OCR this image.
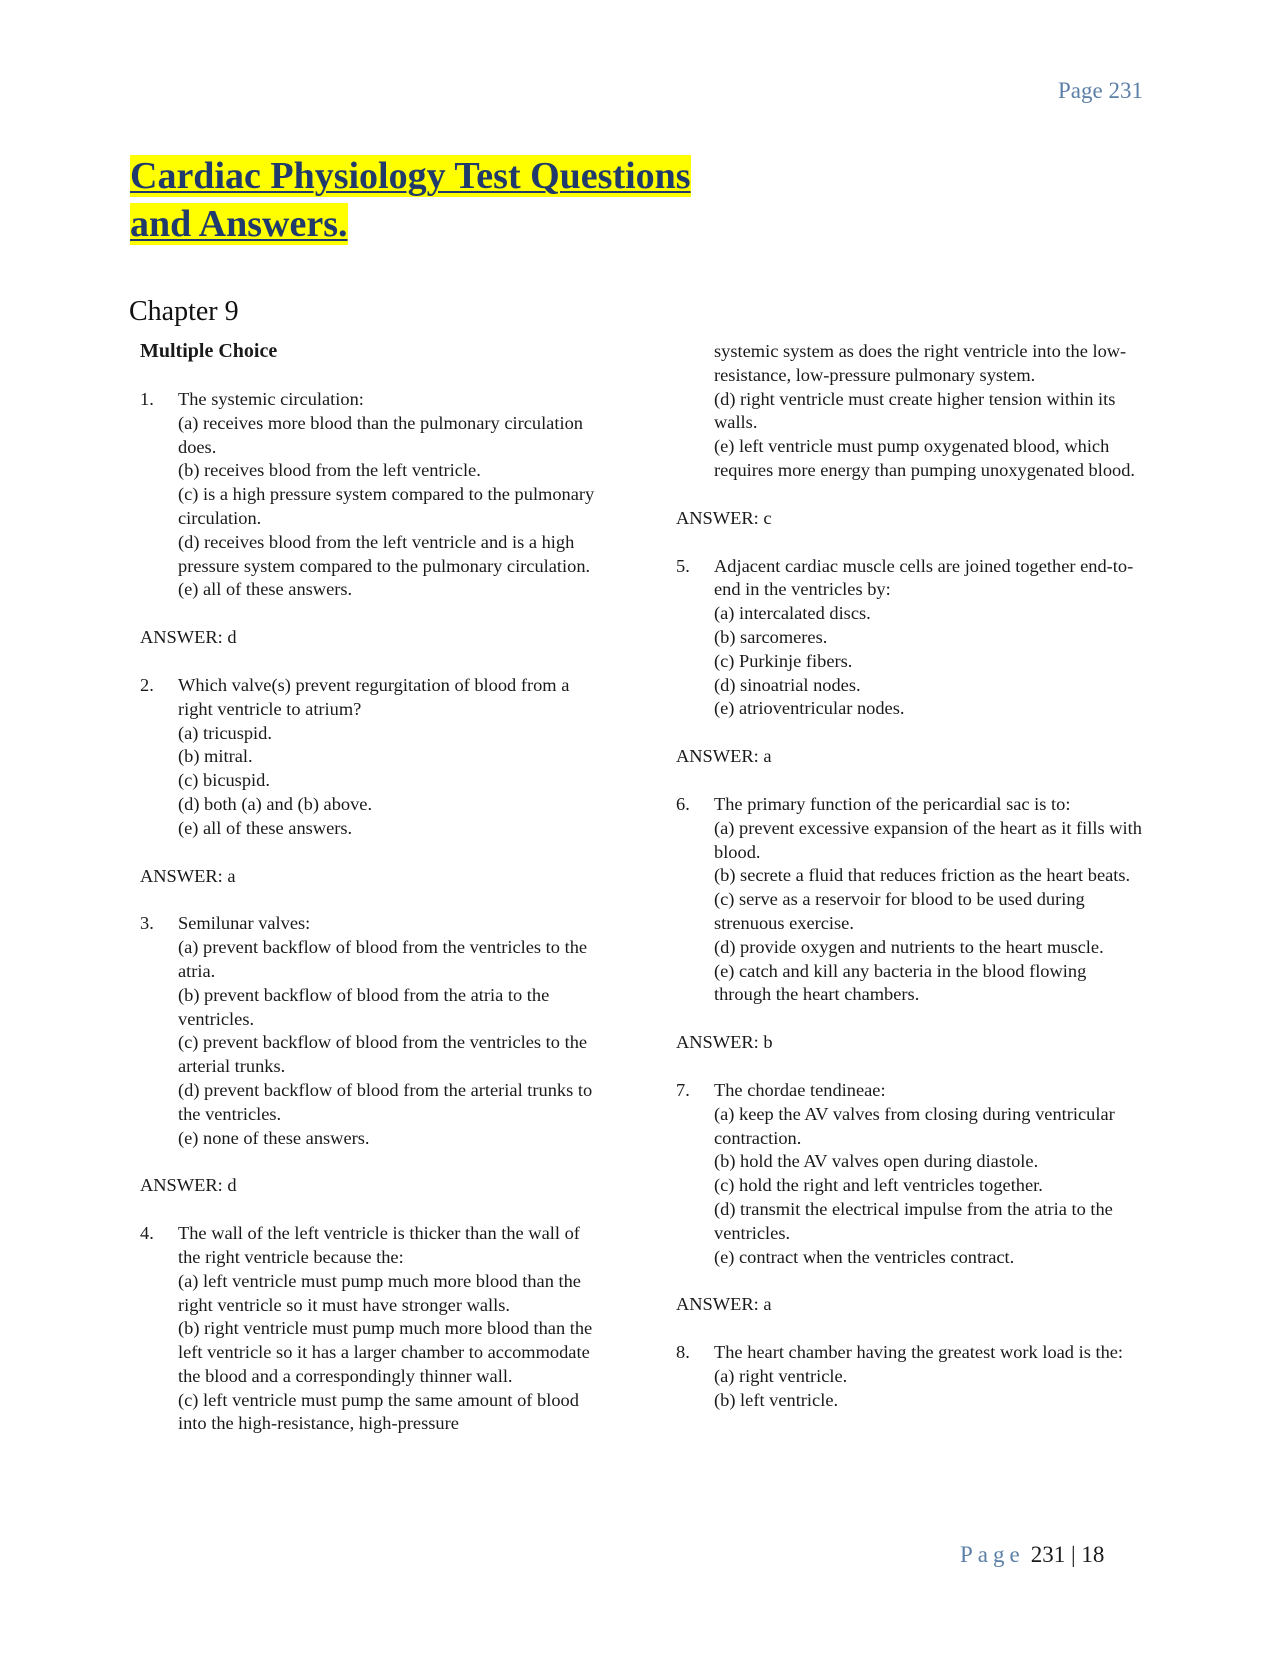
Page 231
Cardiac Physiology Test Questions
and Answers.
Chapter 9
Multiple Choice
1. The systemic circulation:
(a) receives more blood than the pulmonary circulation does.
(b) receives blood from the left ventricle.
(c) is a high pressure system compared to the pulmonary circulation.
(d) receives blood from the left ventricle and is a high pressure system compared to the pulmonary circulation.
(e) all of these answers.
ANSWER: d
2. Which valve(s) prevent regurgitation of blood from a right ventricle to atrium?
(a) tricuspid.
(b) mitral.
(c) bicuspid.
(d) both (a) and (b) above.
(e) all of these answers.
ANSWER: a
3. Semilunar valves:
(a) prevent backflow of blood from the ventricles to the atria.
(b) prevent backflow of blood from the atria to the ventricles.
(c) prevent backflow of blood from the ventricles to the arterial trunks.
(d) prevent backflow of blood from the arterial trunks to the ventricles.
(e) none of these answers.
ANSWER: d
4. The wall of the left ventricle is thicker than the wall of the right ventricle because the:
(a) left ventricle must pump much more blood than the right ventricle so it must have stronger walls.
(b) right ventricle must pump much more blood than the left ventricle so it has a larger chamber to accommodate the blood and a correspondingly thinner wall.
(c) left ventricle must pump the same amount of blood into the high-resistance, high-pressure
systemic system as does the right ventricle into the low-resistance, low-pressure pulmonary system.
(d) right ventricle must create higher tension within its walls.
(e) left ventricle must pump oxygenated blood, which requires more energy than pumping unoxygenated blood.
ANSWER: c
5. Adjacent cardiac muscle cells are joined together end-to-end in the ventricles by:
(a) intercalated discs.
(b) sarcomeres.
(c) Purkinje fibers.
(d) sinoatrial nodes.
(e) atrioventricular nodes.
ANSWER: a
6. The primary function of the pericardial sac is to:
(a) prevent excessive expansion of the heart as it fills with blood.
(b) secrete a fluid that reduces friction as the heart beats.
(c) serve as a reservoir for blood to be used during strenuous exercise.
(d) provide oxygen and nutrients to the heart muscle.
(e) catch and kill any bacteria in the blood flowing through the heart chambers.
ANSWER: b
7. The chordae tendineae:
(a) keep the AV valves from closing during ventricular contraction.
(b) hold the AV valves open during diastole.
(c) hold the right and left ventricles together.
(d) transmit the electrical impulse from the atria to the ventricles.
(e) contract when the ventricles contract.
ANSWER: a
8. The heart chamber having the greatest work load is the:
(a) right ventricle.
(b) left ventricle.
Page 231 | 18
